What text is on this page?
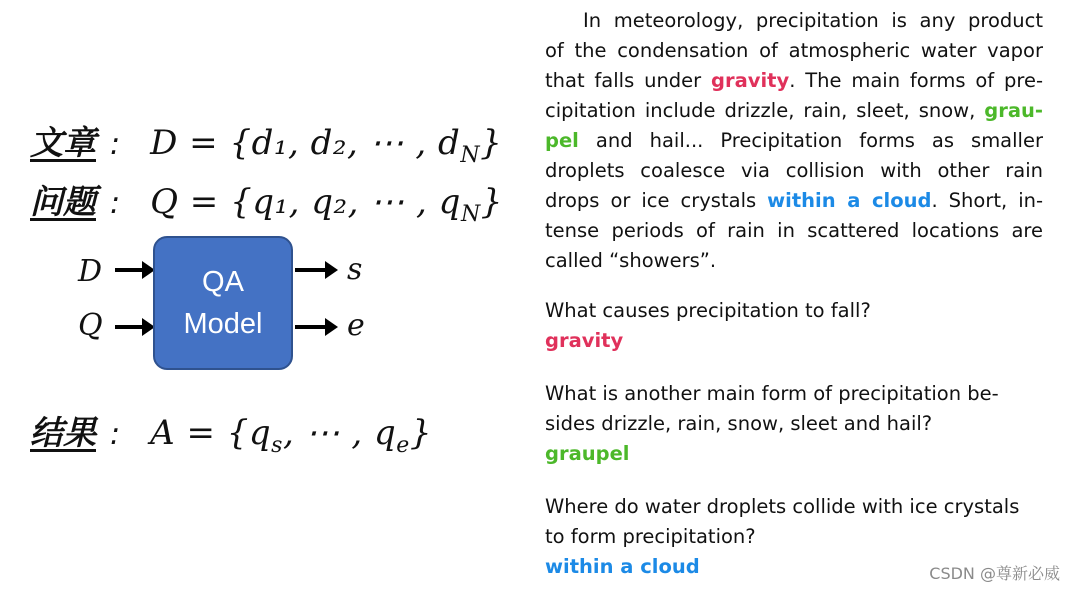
文章 : D = {d₁, d₂, ⋯ , $d_N$}
问题 : Q = {q₁, q₂, ⋯ , $q_N$}
D
Q
QA
Model
s
e
结果 : $A = \{q_s$, ⋯ , $q_e$}
In meteorology, precipitation is any product
of the condensation of atmospheric water vapor
that falls under gravity. The main forms of pre-
cipitation include drizzle, rain, sleet, snow, grau-
pel and hail... Precipitation forms as smaller
droplets coalesce via collision with other rain
drops or ice crystals within a cloud. Short, in-
tense periods of rain in scattered locations are
called “showers”.
What causes precipitation to fall?
gravity
What is another main form of precipitation be-
sides drizzle, rain, snow, sleet and hail?
graupel
Where do water droplets collide with ice crystals
to form precipitation?
within a cloud	CSDN @尊新必威
